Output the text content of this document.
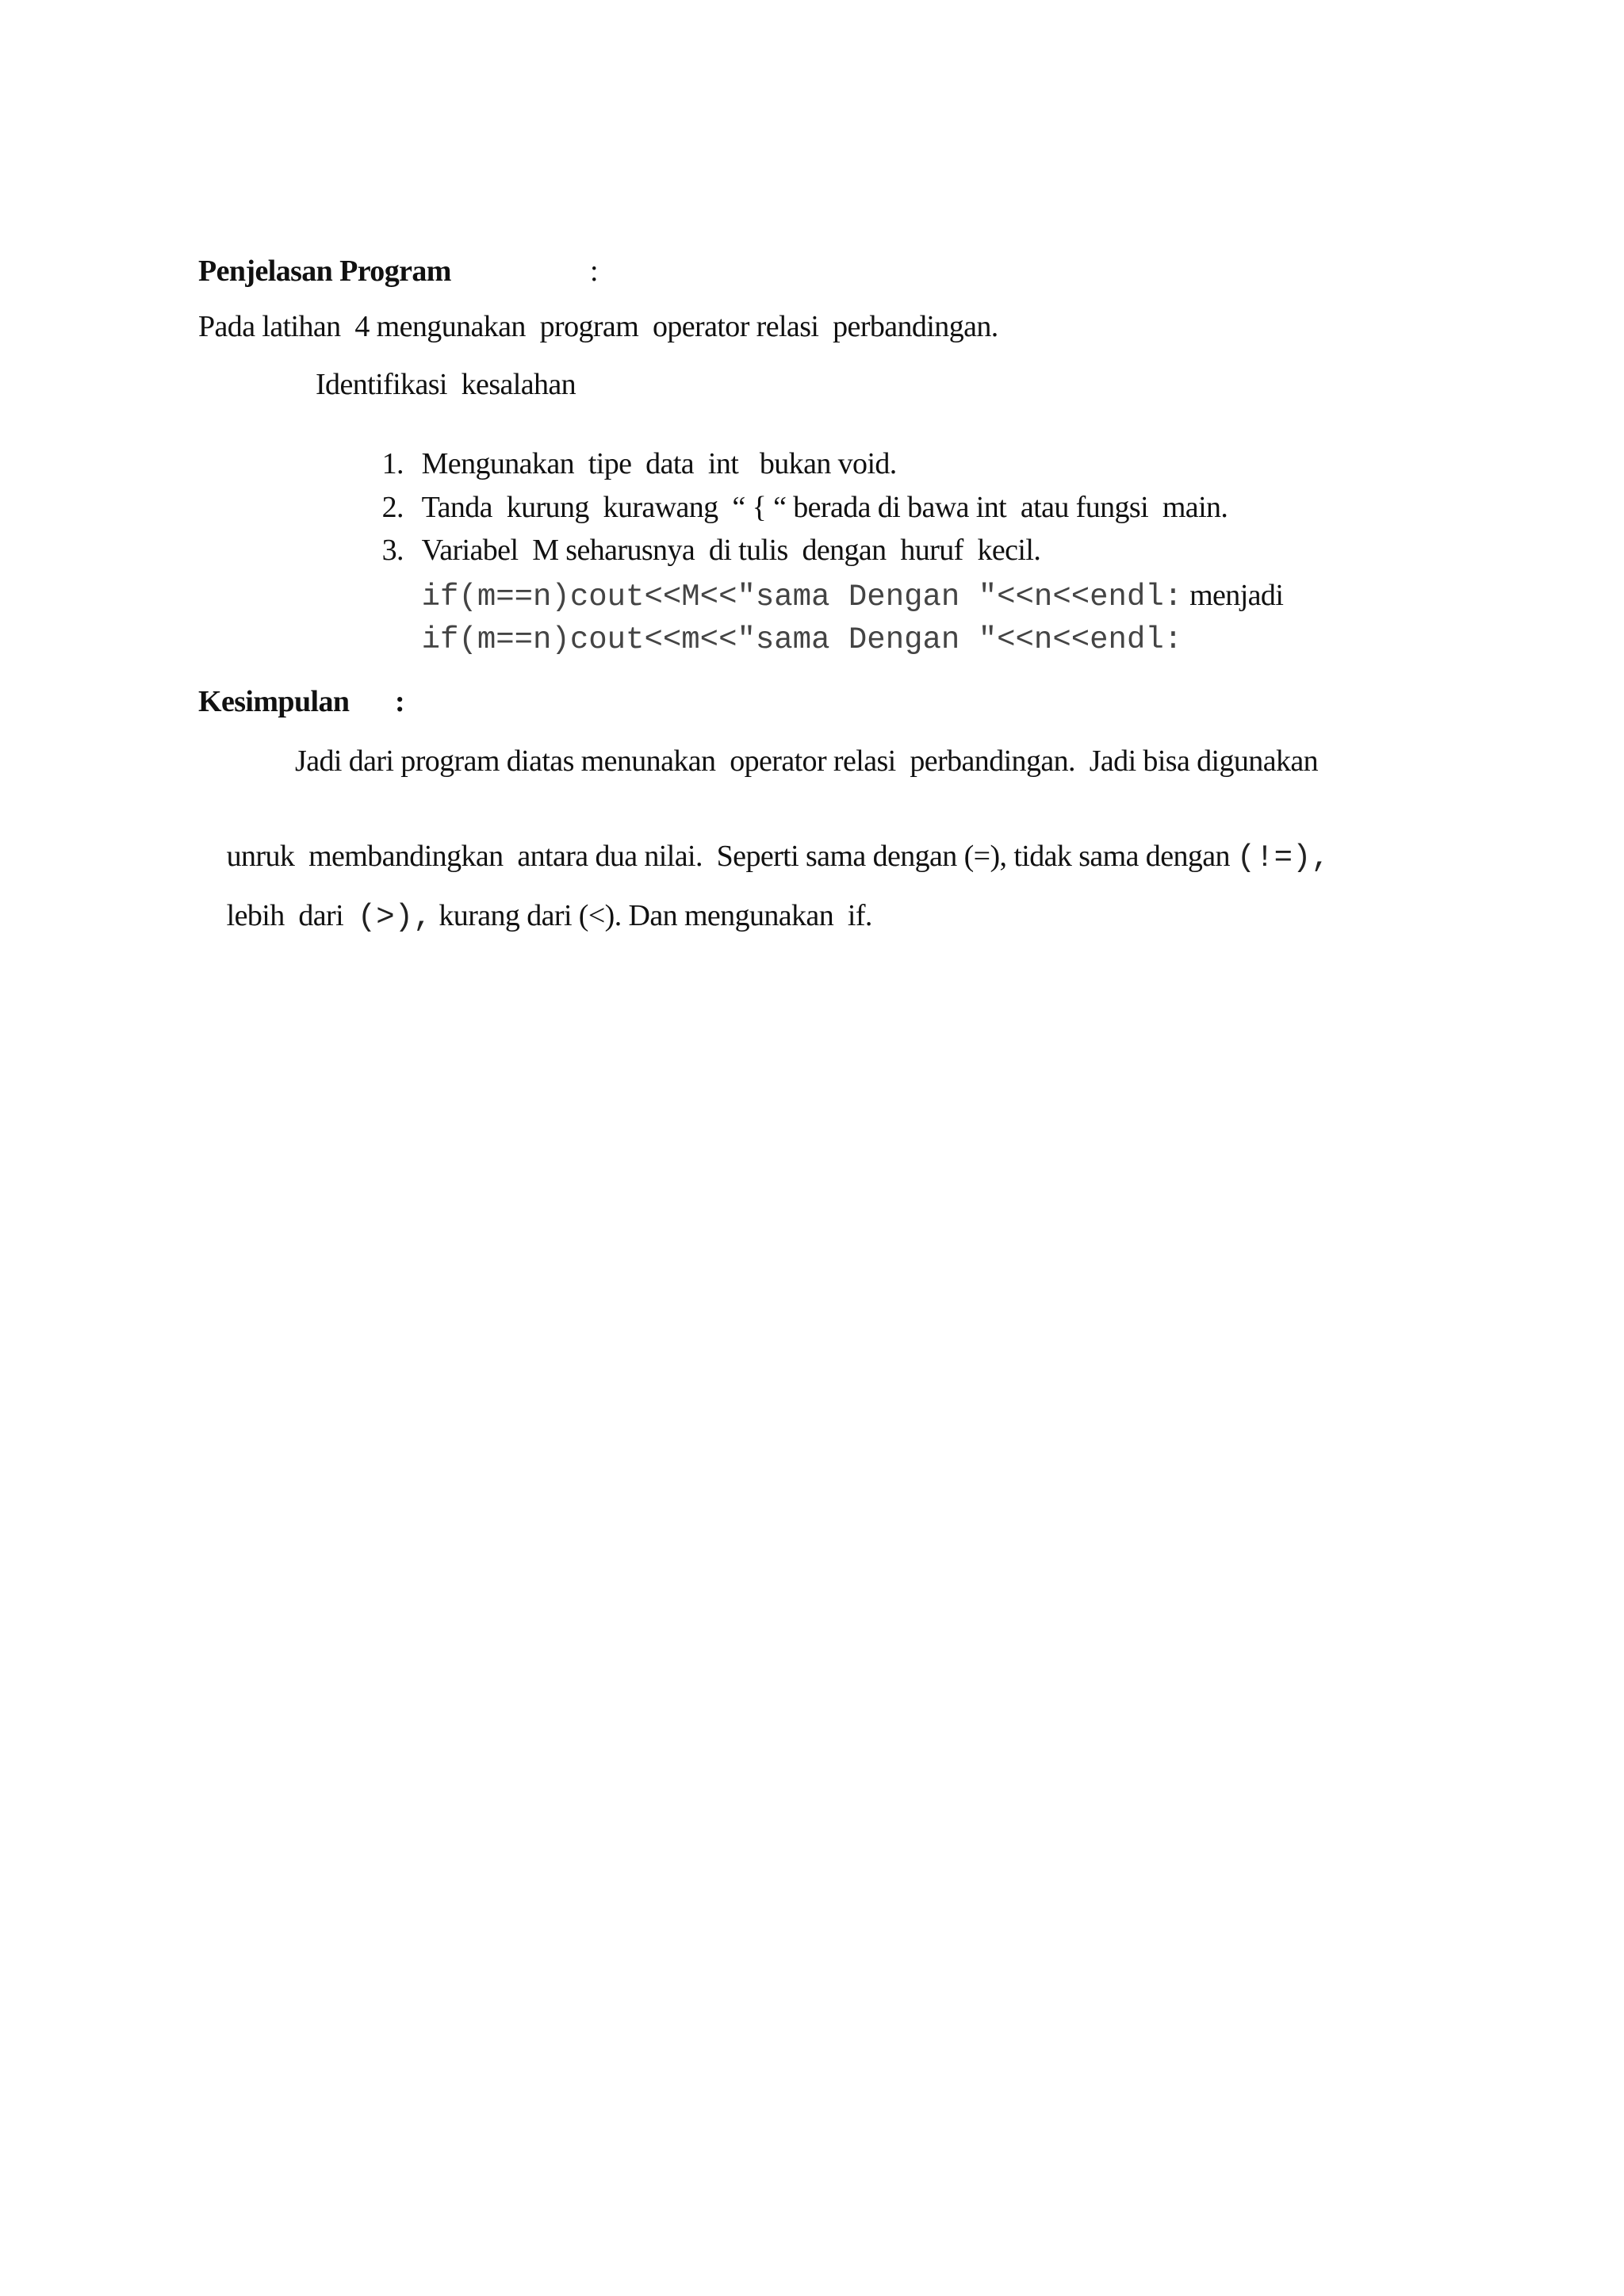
Penjelasan Program	:
Pada latihan  4 mengunakan  program  operator relasi  perbandingan.
Identifikasi  kesalahan

1. Mengunakan  tipe  data  int   bukan void.

2. Tanda  kurung  kurawang  “ { “ berada di bawa int  atau fungsi  main.

3. Variabel  M seharusnya  di tulis  dengan  huruf  kecil.

if(m==n)cout<<M<<"sama Dengan "<<n<<endl: menjadi

if(m==n)cout<<m<<"sama Dengan "<<n<<endl:

Kesimpulan :
Jadi dari program diatas menunakan  operator relasi  perbandingan.  Jadi bisa digunakan

unruk  membandingkan  antara dua nilai.  Seperti sama dengan (=), tidak sama dengan (!=),

lebih  dari  (>), kurang dari (<). Dan mengunakan  if.
